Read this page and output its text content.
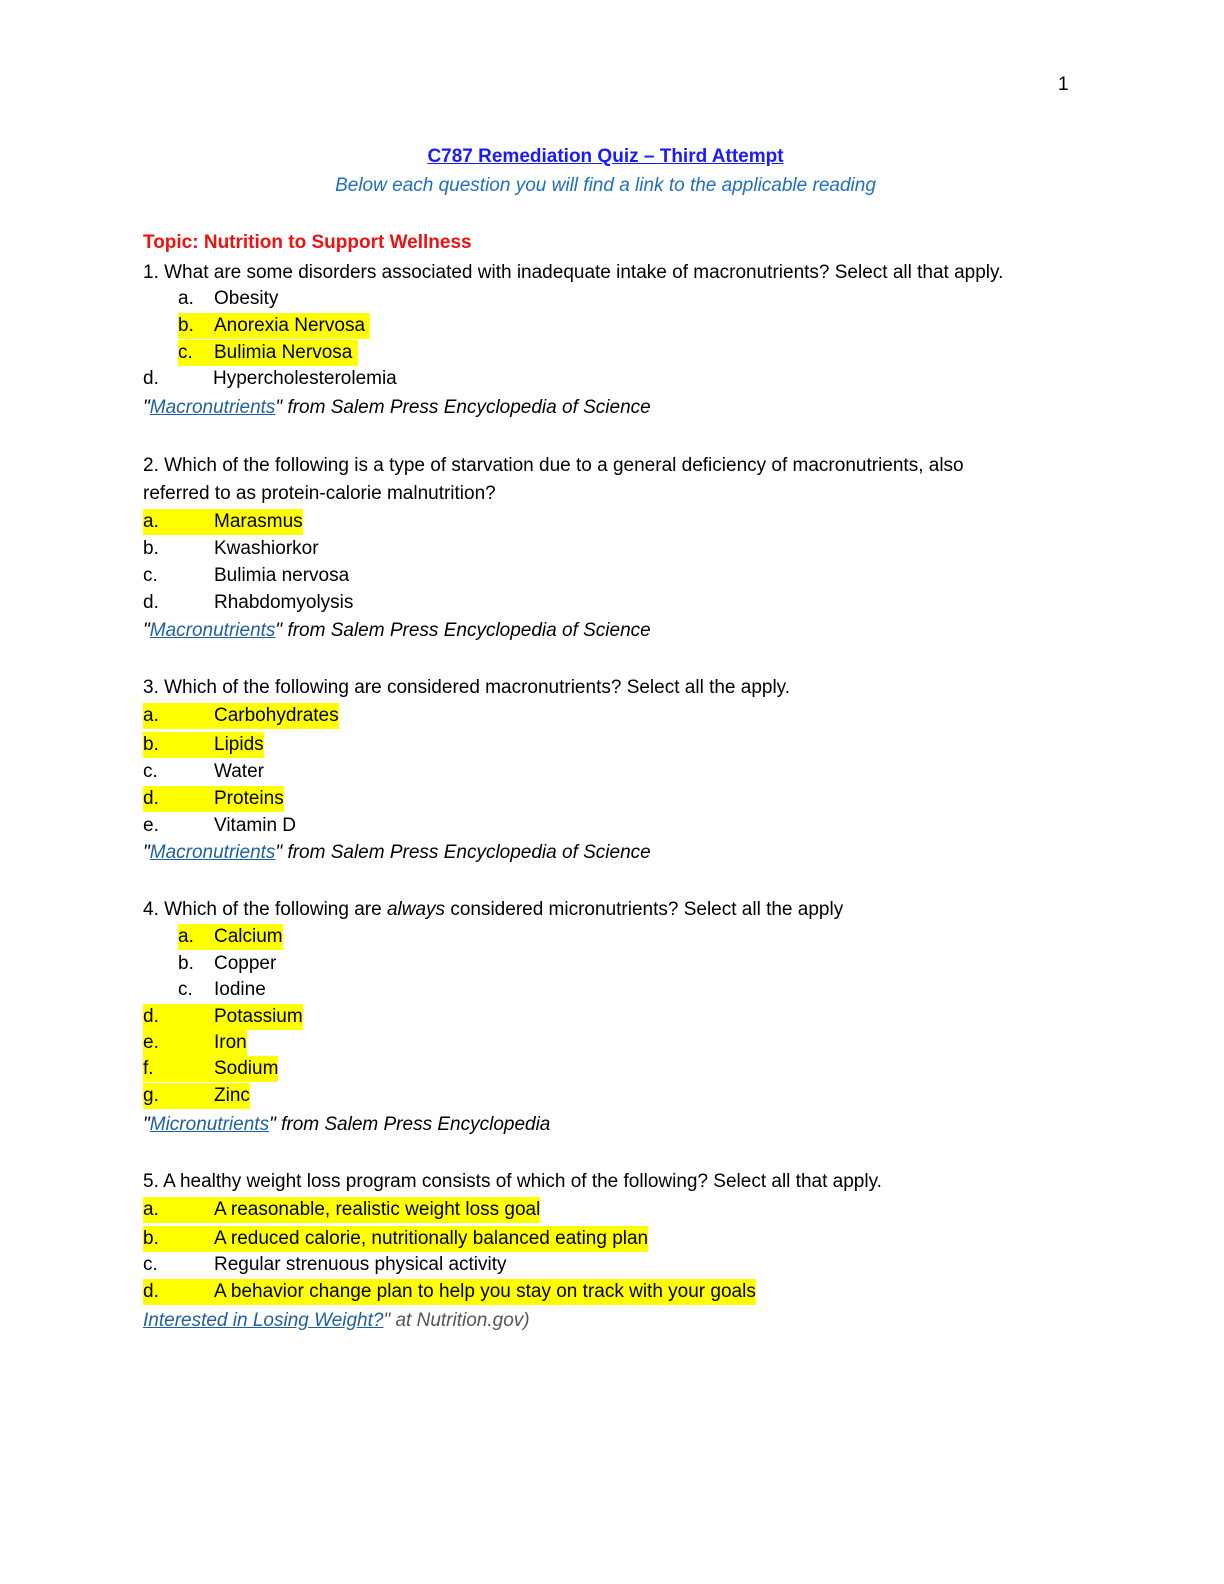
1
C787 Remediation Quiz – Third Attempt
Below each question you will find a link to the applicable reading
Topic: Nutrition to Support Wellness
1. What are some disorders associated with inadequate intake of macronutrients? Select all that apply.
a. Obesity
b. Anorexia Nervosa
c. Bulimia Nervosa
d.	Hypercholesterolemia
"Macronutrients" from Salem Press Encyclopedia of Science
2. Which of the following is a type of starvation due to a general deficiency of macronutrients, also
referred to as protein-calorie malnutrition?
a.	Marasmus
b.	Kwashiorkor
c.	Bulimia nervosa
d.	Rhabdomyolysis
"Macronutrients" from Salem Press Encyclopedia of Science
3. Which of the following are considered macronutrients? Select all the apply.
a.	Carbohydrates
b.	Lipids
c.	Water
d.	Proteins
e.	Vitamin D
"Macronutrients" from Salem Press Encyclopedia of Science
4. Which of the following are always considered micronutrients? Select all the apply
a. Calcium
b. Copper
c. Iodine
d.	Potassium
e.	Iron
f.	Sodium
g.	Zinc
"Micronutrients" from Salem Press Encyclopedia
5. A healthy weight loss program consists of which of the following? Select all that apply.
a.	A reasonable, realistic weight loss goal
b.	A reduced calorie, nutritionally balanced eating plan
c.	Regular strenuous physical activity
d.	A behavior change plan to help you stay on track with your goals
Interested in Losing Weight?" at Nutrition.gov)
